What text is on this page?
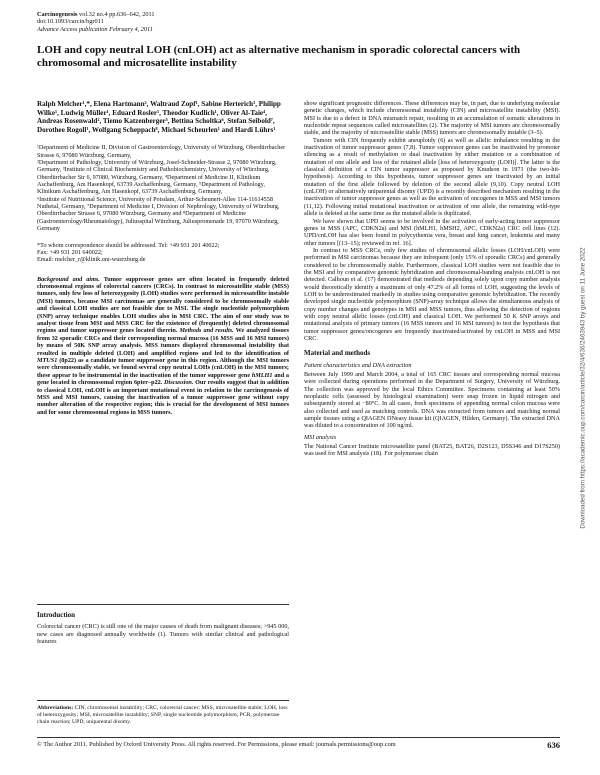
Carcinogenesis vol.32 no.4 pp.636–642, 2011
doi:10.1093/carcin/bgr011
Advance Access publication February 4, 2011
LOH and copy neutral LOH (cnLOH) act as alternative mechanism in sporadic colorectal cancers with chromosomal and microsatellite instability
Ralph Melcher¹,*, Elena Hartmann², Waltraud Zopf¹, Sabine Herterich³, Philipp Wilke¹, Ludwig Müller¹, Eduard Rosler¹, Theodor Kudlich¹, Oliver Al-Taie⁴, Andreas Rosenwald², Tiemo Katzenberger⁵, Bettina Scholtka⁶, Stefan Seibold⁷, Dorothee Rogoll¹, Wolfgang Scheppach⁸, Michael Scheurlen¹ and Hardi Lührs¹

¹Department of Medicine II, Division of Gastroenterology, University of Würzburg, Oberdürrbacher Strasse 6, 97080 Würzburg, Germany,

²Department of Pathology, University of Würzburg, Josef-Schneider-Strasse 2, 97080 Würzburg, Germany, ³Institute of Clinical Biochemistry and Pathobiochemistry, University of Würzburg, Oberdürrbacher Str 6, 97080, Würzburg, Germany, ⁴Department of Medicine II, Klinikum Aschaffenburg, Am Hasenkopf, 63739 Aschaffenburg, Germany, ⁵Department of Pathology, Klinikum Aschaffenburg, Am Hasenkopf, 63739 Aschaffenburg, Germany,

⁶Institute of Nutritional Science, University of Potsdam, Arthur-Scheunert-Allee 114-11614558 Nuthetal, Germany, ⁷Department of Medicine I, Division of Nephrology, University of Würzburg, Oberdürrbacher Strasse 6, 97080 Würzburg, Germany and ⁸Department of Medicine (Gastroenterology/Rheumatology), Juliusspital Würzburg, Juliuspromenade 19, 97070 Würzburg, Germany

*To whom correspondence should be addressed. Tel: +49 931 201 40022;
Fax: +49 931 201 640022;
Email: melcher_r@klinik.uni-wuerzburg.de
Background and aims. Tumor suppressor genes are often located in frequently deleted chromosomal regions of colorectal cancers (CRCs). In contrast to microsatellite stable (MSS) tumors, only few loss of heterozygosity (LOH) studies were performed in microsatellite instable (MSI) tumors, because MSI carcinomas are generally considered to be chromosomally stable and classical LOH studies are not feasible due to MSI. The single nucleotide polymorphism (SNP) array technique enables LOH studies also in MSI CRC. The aim of our study was to analyse tissue from MSI and MSS CRC for the existence of (frequently) deleted chromosomal regions and tumor suppressor genes located therein. Methods and results. We analyzed tissues from 32 sporadic CRCs and their corresponding normal mucosa (16 MSS and 16 MSI tumors) by means of 50K SNP array analysis. MSS tumors displayed chromosomal instability that resulted in multiple deleted (LOH) and amplified regions and led to the identification of MTUS1 (8p22) as a candidate tumor suppressor gene in this region. Although the MSI tumors were chromosomally stable, we found several copy neutral LOHs (cnLOH) in the MSI tumors; these appear to be instrumental in the inactivation of the tumor suppressor gene hMLH1 and a gene located in chromosomal region 6pter–p22. Discussion. Our results suggest that in addition to classical LOH, cnLOH is an important mutational event in relation to the carcinogenesis of MSS and MSI tumors, causing the inactivation of a tumor suppressor gene without copy number alteration of the respective region; this is crucial for the development of MSI tumors and for some chromosomal regions in MSS tumors.
Introduction
Colorectal cancer (CRC) is still one of the major causes of death from malignant diseases; >945 000, new cases are diagnosed annually worldwide (1). Tumors with similar clinical and pathological features
Abbreviations: CIN, chromosomal instability; CRC, colorectal cancer; MSS, microsatellite stable; LOH, loss of heterozygosity; MSI, microsatellite instability; SNP, single nucleotide polymorphism; PCR, polymerase chain reaction; UPD, uniparental disomy.

show significant prognostic differences. These differences may be, in part, due to underlying molecular genetic changes, which include chromosomal instability (CIN) and microsatellite instability (MSI). MSI is due to a defect in DNA mismatch repair, resulting in an accumulation of somatic alterations in nucleotide repeat sequences called microsatellites (2). The majority of MSI tumors are chromosomally stable, and the majority of microsatellite stable (MSS) tumors are chromosomally instable (3–5).

Tumors with CIN frequently exhibit aneuploidy (6) as well as allelic imbalance resulting in the inactivation of tumor suppressor genes (7,8). Tumor suppressor genes can be inactivated by promoter silencing as a result of methylation or dual inactivation by either mutation or a combination of mutation of one allele and loss of the retained allele [loss of heterozygosity (LOH)]. The latter is the classical definition of a CIN tumor suppressor as proposed by Knudson in 1971 (the two-hit-hypothesis). According to this hypothesis, tumor suppressor genes are inactivated by an initial mutation of the first allele followed by deletion of the second allele (9,10). Copy neutral LOH (cnLOH) or alternatively uniparental disomy (UPD) is a recently described mechanism resulting in the inactivation of tumor suppressor genes as well as the activation of oncogenes in MSS and MSI tumors (11,12). Following initial mutational inactivation or activation of one allele, the remaining wild-type allele is deleted at the same time as the mutated allele is duplicated.

We have shown that UPD seems to be involved in the activation of early-acting tumor suppressor genes in MSS (APC, CDKN2a) and MSI (hMLH1, hMSH2, APC, CDKN2a) CRC cell lines (12). UPD/cnLOH has also been found in polycythemia vera, breast and lung cancer, leukemia and many other tumors [(13–15); reviewed in ref. 16].

In contrast to MSS CRCs, only few studies of chromosomal allelic losses (LOH/cnLOH) were performed in MSI carcinomas because they are infrequent (only 15% of sporadic CRCs) and generally considered to be chromosomally stable. Furthermore, classical LOH studies were not feasible due to the MSI and by comparative genomic hybridization and chromosomal-banding analysis cnLOH is not detected. Calhoun et al. (17) demonstrated that methods depending solely upon copy number analysis would theoretically identify a maximum of only 47.2% of all forms of LOH, suggesting the levels of LOH to be underestimated markedly in studies using comparative genomic hybridization. The recently developed single nucleotide polymorphism (SNP)-array technique allows the simultaneous analysis of copy number changes and genotypes in MSI and MSS tumors, thus allowing the detection of regions with copy neutral allelic losses (cnLOH) and classical LOH. We performed 50 K SNP arrays and mutational analysis of primary tumors (16 MSS tumors and 16 MSI tumors) to test the hypothesis that tumor suppressor genes/oncogenes are frequently inactivated/activated by cnLOH in MSS and MSI CRC.

Material and methods
Patient characteristics and DNA extraction

Between July 1999 and March 2004, a total of 165 CRC tissues and corresponding normal mucosa were collected during operations performed in the Department of Surgery, University of Würzburg. The collection was approved by the local Ethics Committee. Specimens containing at least 50% neoplastic cells (assessed by histological examination) were snap frozen in liquid nitrogen and subsequently stored at −80°C. In all cases, fresh specimens of appending normal colon mucosa were also collected and used as matching controls. DNA was extracted from tumors and matching normal sample tissues using a QIAGEN DNeasy tissue kit (QIAGEN, Hilden, Germany). The extracted DNA was diluted to a concentration of 100 ng/ml.

MSI analysis

The National Cancer Institute microsatellite panel (BAT25, BAT26, D2S123, D5S346 and D17S250) was used for MSI analysis (18). For polymerase chain

© The Author 2011. Published by Oxford University Press. All rights reserved. For Permissions, please email: journals.permissions@oup.com	636
Downloaded from https://academic.oup.com/carcin/article/32/4/636/2463943 by guest on 11 June 2022
